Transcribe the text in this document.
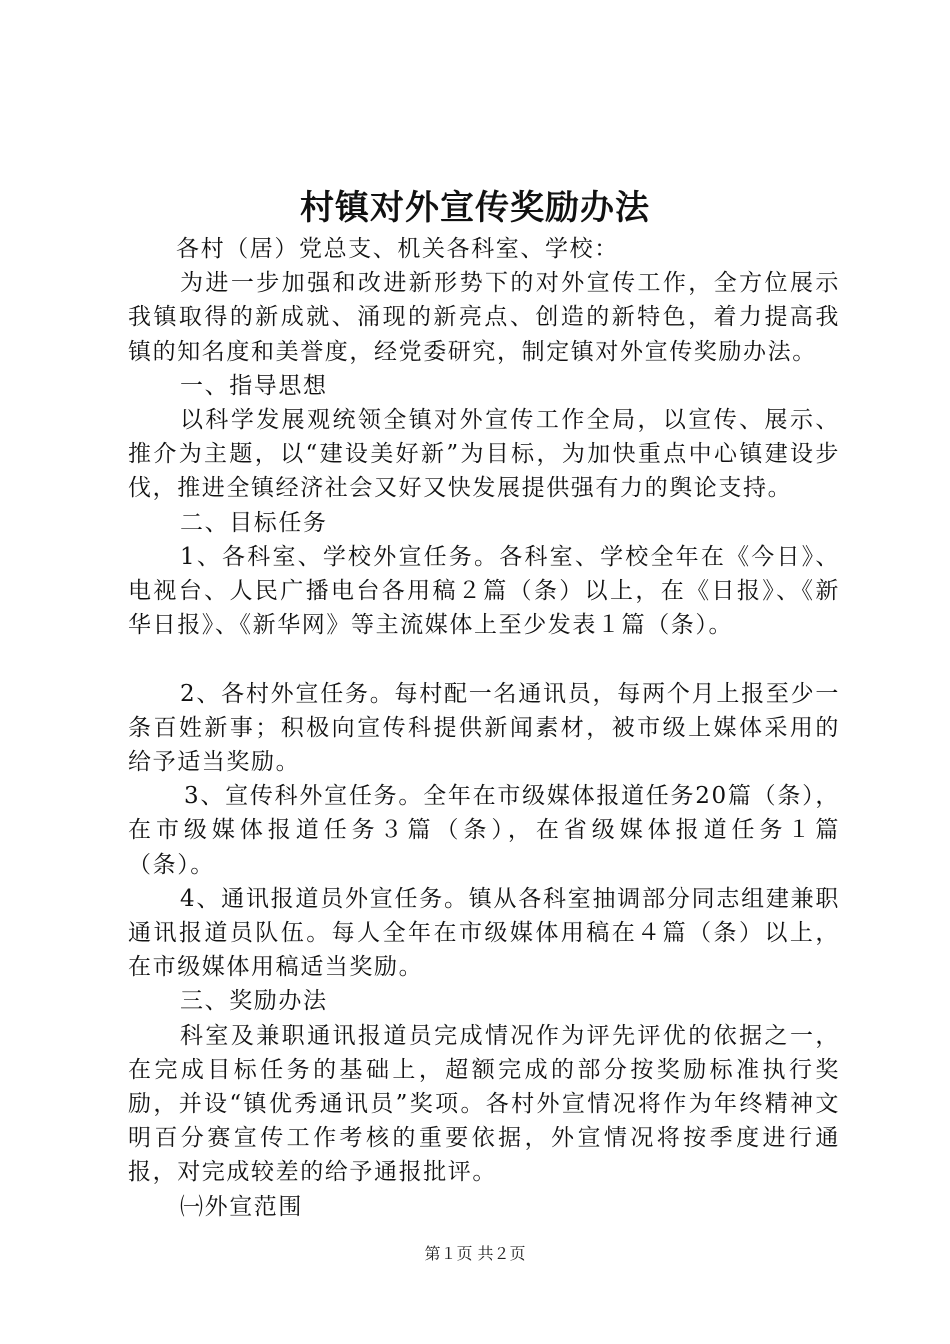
村镇对外宣传奖励办法

各村（居）党总支、机关各科室、学校：

为进一步加强和改进新形势下的对外宣传工作，全方位展示我镇取得的新成就、涌现的新亮点、创造的新特色，着力提高我镇的知名度和美誉度，经党委研究，制定镇对外宣传奖励办法。

一、指导思想

以科学发展观统领全镇对外宣传工作全局，以宣传、展示、推介为主题，以“建设美好新”为目标，为加快重点中心镇建设步伐，推进全镇经济社会又好又快发展提供强有力的舆论支持。

二、目标任务

1、各科室、学校外宣任务。各科室、学校全年在《今日》、电视台、人民广播电台各用稿２篇（条）以上，在《日报》、《新华日报》、《新华网》等主流媒体上至少发表１篇（条）。

2、各村外宣任务。每村配一名通讯员，每两个月上报至少一条百姓新事；积极向宣传科提供新闻素材，被市级上媒体采用的给予适当奖励。

3、宣传科外宣任务。全年在市级媒体报道任务20篇（条），在市级媒体报道任务３篇（条），在省级媒体报道任务１篇（条）。

4、通讯报道员外宣任务。镇从各科室抽调部分同志组建兼职通讯报道员队伍。每人全年在市级媒体用稿在４篇（条）以上，在市级媒体用稿适当奖励。

三、奖励办法

科室及兼职通讯报道员完成情况作为评先评优的依据之一，在完成目标任务的基础上，超额完成的部分按奖励标准执行奖励，并设“镇优秀通讯员”奖项。各村外宣情况将作为年终精神文明百分赛宣传工作考核的重要依据，外宣情况将按季度进行通报，对完成较差的给予通报批评。

㈠外宣范围

第１页 共２页
